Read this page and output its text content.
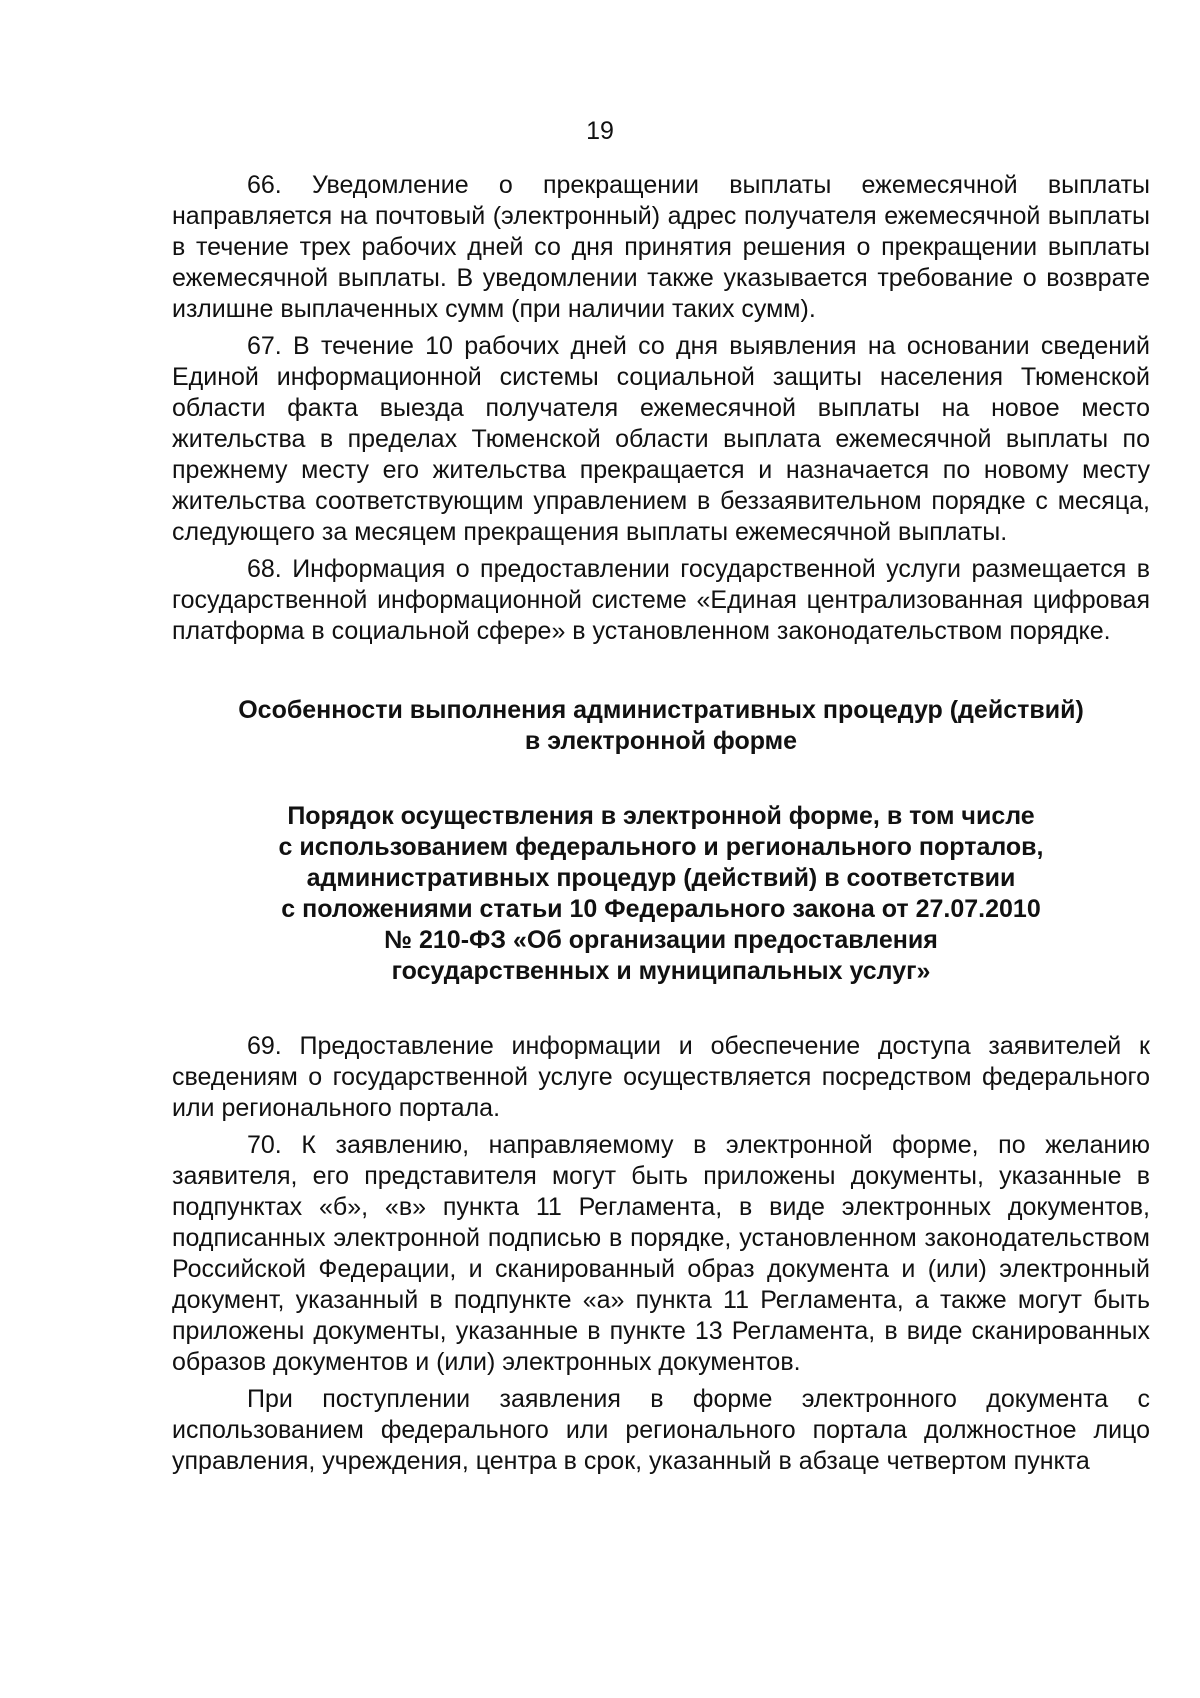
19

66. Уведомление о прекращении выплаты ежемесячной выплаты направляется на почтовый (электронный) адрес получателя ежемесячной выплаты в течение трех рабочих дней со дня принятия решения о прекращении выплаты ежемесячной выплаты. В уведомлении также указывается требование о возврате излишне выплаченных сумм (при наличии таких сумм).

67. В течение 10 рабочих дней со дня выявления на основании сведений Единой информационной системы социальной защиты населения Тюменской области факта выезда получателя ежемесячной выплаты на новое место жительства в пределах Тюменской области выплата ежемесячной выплаты по прежнему месту его жительства прекращается и назначается по новому месту жительства соответствующим управлением в беззаявительном порядке с месяца, следующего за месяцем прекращения выплаты ежемесячной выплаты.

68. Информация о предоставлении государственной услуги размещается в государственной информационной системе «Единая централизованная цифровая платформа в социальной сфере» в установленном законодательством порядке.

Особенности выполнения административных процедур (действий)
в электронной форме
Порядок осуществления в электронной форме, в том числе
с использованием федерального и регионального порталов,
административных процедур (действий) в соответствии
с положениями статьи 10 Федерального закона от 27.07.2010
№ 210-ФЗ «Об организации предоставления
государственных и муниципальных услуг»

69. Предоставление информации и обеспечение доступа заявителей к сведениям о государственной услуге осуществляется посредством федерального или регионального портала.

70. К заявлению, направляемому в электронной форме, по желанию заявителя, его представителя могут быть приложены документы, указанные в подпунктах «б», «в» пункта 11 Регламента, в виде электронных документов, подписанных электронной подписью в порядке, установленном законодательством Российской Федерации, и сканированный образ документа и (или) электронный документ, указанный в подпункте «а» пункта 11 Регламента, а также могут быть приложены документы, указанные в пункте 13 Регламента, в виде сканированных образов документов и (или) электронных документов.

При поступлении заявления в форме электронного документа с использованием федерального или регионального портала должностное лицо управления, учреждения, центра в срок, указанный в абзаце четвертом пункта
